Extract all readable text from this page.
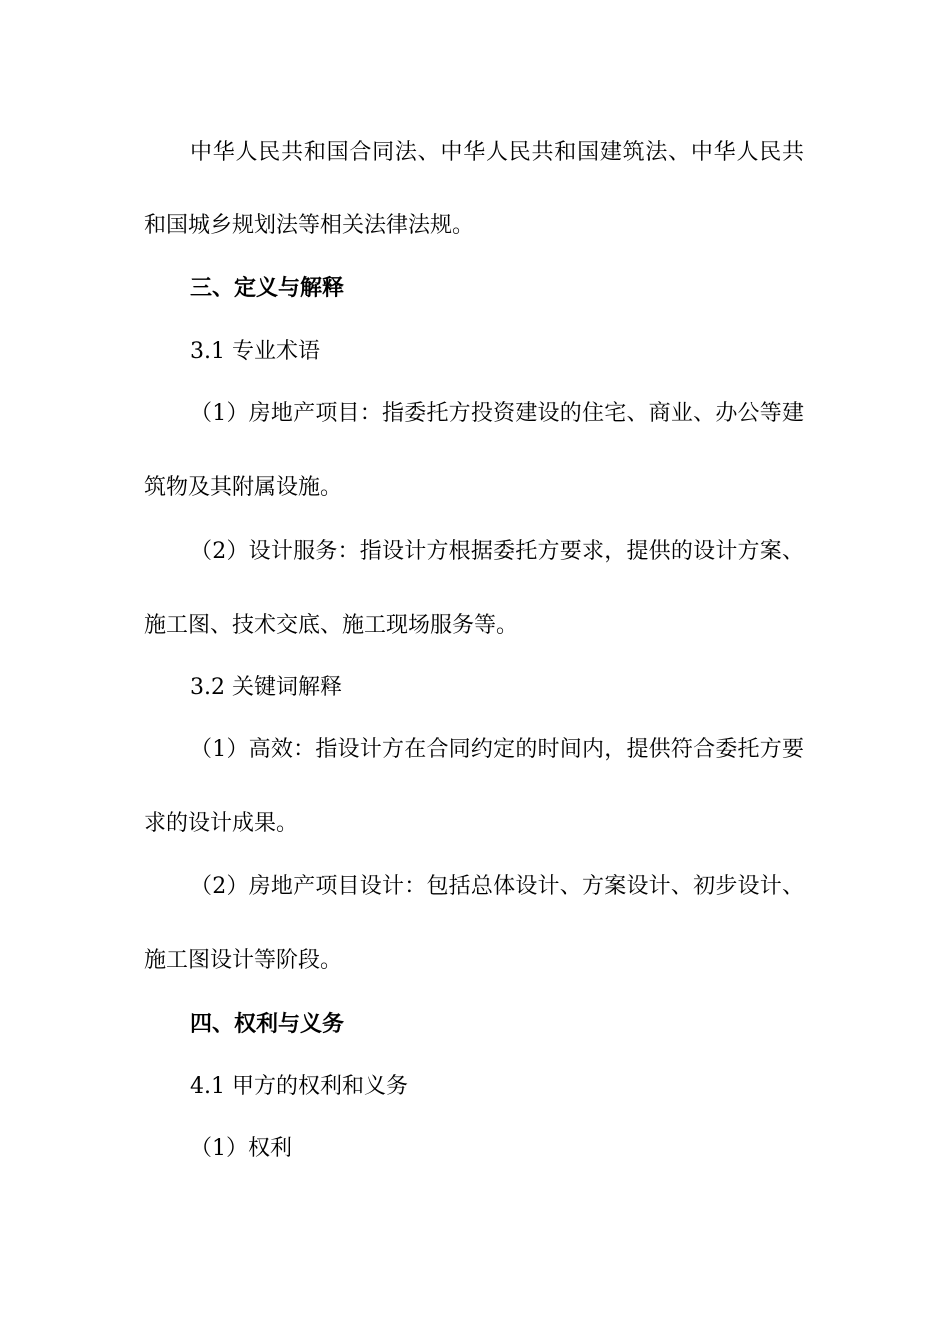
中华人民共和国合同法、中华人民共和国建筑法、中华人民共

和国城乡规划法等相关法律法规。

三、定义与解释

3.1 专业术语

（1）房地产项目：指委托方投资建设的住宅、商业、办公等建

筑物及其附属设施。

（2）设计服务：指设计方根据委托方要求，提供的设计方案、

施工图、技术交底、施工现场服务等。

3.2 关键词解释

（1）高效：指设计方在合同约定的时间内，提供符合委托方要

求的设计成果。

（2）房地产项目设计：包括总体设计、方案设计、初步设计、

施工图设计等阶段。

四、权利与义务

4.1 甲方的权利和义务

（1）权利
